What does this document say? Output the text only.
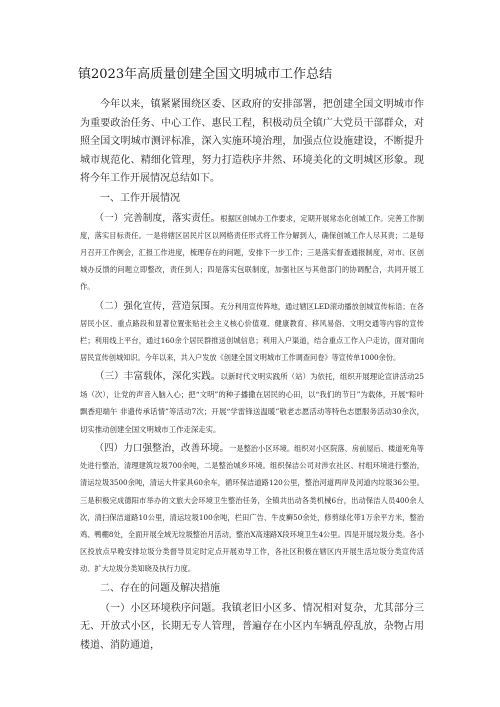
镇2023年高质量创建全国文明城市工作总结

今年以来，镇紧紧围绕区委、区政府的安排部署，把创建全国文明城市作为重要政治任务、中心工作、惠民工程，积极动员全镇广大党员干部群众，对照全国文明城市测评标准，深入实施环境治理，加强点位设施建设，不断提升城市规范化、精细化管理，努力打造秩序井然、环境美化的文明城区形象。现将今年工作开展情况总结如下。

一、工作开展情况

（一）完善制度，落实责任。根据区创城办工作要求，定期开展常态化创城工作。完善工作制度，落实目标责任。一是将辖区居民片区以网格责任形式将工作分解到人，确保创城工作人尽其责；二是每月召开工作例会，汇报工作进度，梳理存在的问题，安排下一步工作；三是落实督查通报制度，对市、区创城办反馈的问题立即整改，责任到人；四是落实包联制度，加强社区与其他部门的协调配合，共同开展工作。

（二）强化宣传，营造氛围。充分利用宣传阵地，通过辖区LED滚动播放创城宣传标语；在各居民小区、重点路段和显著位置张贴社会主义核心价值观、健康教育、移风易俗、文明交通等内容的宣传栏；利用线上平台，通过160余个居民群推送创城信息；利用入户渠道，结合重点工作入户走访，面对面向居民宣传创城知识。今年以来，共入户发放《创建全国文明城市工作调查问卷》等宣传单1000余份。

（三）丰富载体，深化实践。以新时代文明实践所（站）为依托，组织开展理论宣讲活动25场（次），让党的声音入脑入心；把“文明”的种子播撒在居民的心田，以“我们的节日”为载体，开展“粽叶飘香迎端午 非遗传承话情”等活动7次；开展“学雷锋送温暖”敬老志愿活动等特色志愿服务活动30余次，切实推动创建全国文明城市工作走深走实。

（四）力口强整治，改善环境。一是整治小区环境。组织对小区院落、房前屋后、楼道死角等处进行整治，清理建筑垃圾700余吨，二是整治城乡环境。组织保洁公司对涉农社区、村组环境进行整治，清运垃圾3500余吨，清运大件家具60余车，循环保洁道路120公里，整治河道两岸及河道内垃圾36公里。三是积极完成德阳市举办的文旅大会环境卫生整治任务，全镇共出动各类机械6台，出动保洁人员400余人次，清扫保洁道路10公里，清运垃圾100余吨，栏田广告、牛皮癣50余处，修剪绿化带1万余平方米，整治鸡、鸭棚8处，全面开展全域无垃圾整治月活动，整治X高速路X段环境卫生4公里。四是开展垃圾分类。各小区投放点早晚安排垃圾分类督导员定时定点开展劝导工作，各社区积极在辖区内开展生活垃圾分类宣传活动、扩大垃圾分类知晓及执行力度。

二、存在的问题及解决措施

（一）小区环境秩序问题。我镇老旧小区多、情况相对复杂，尤其部分三无、开放式小区，长期无专人管理，普遍存在小区内车辆乱停乱放，杂物占用楼道、消防通道，
